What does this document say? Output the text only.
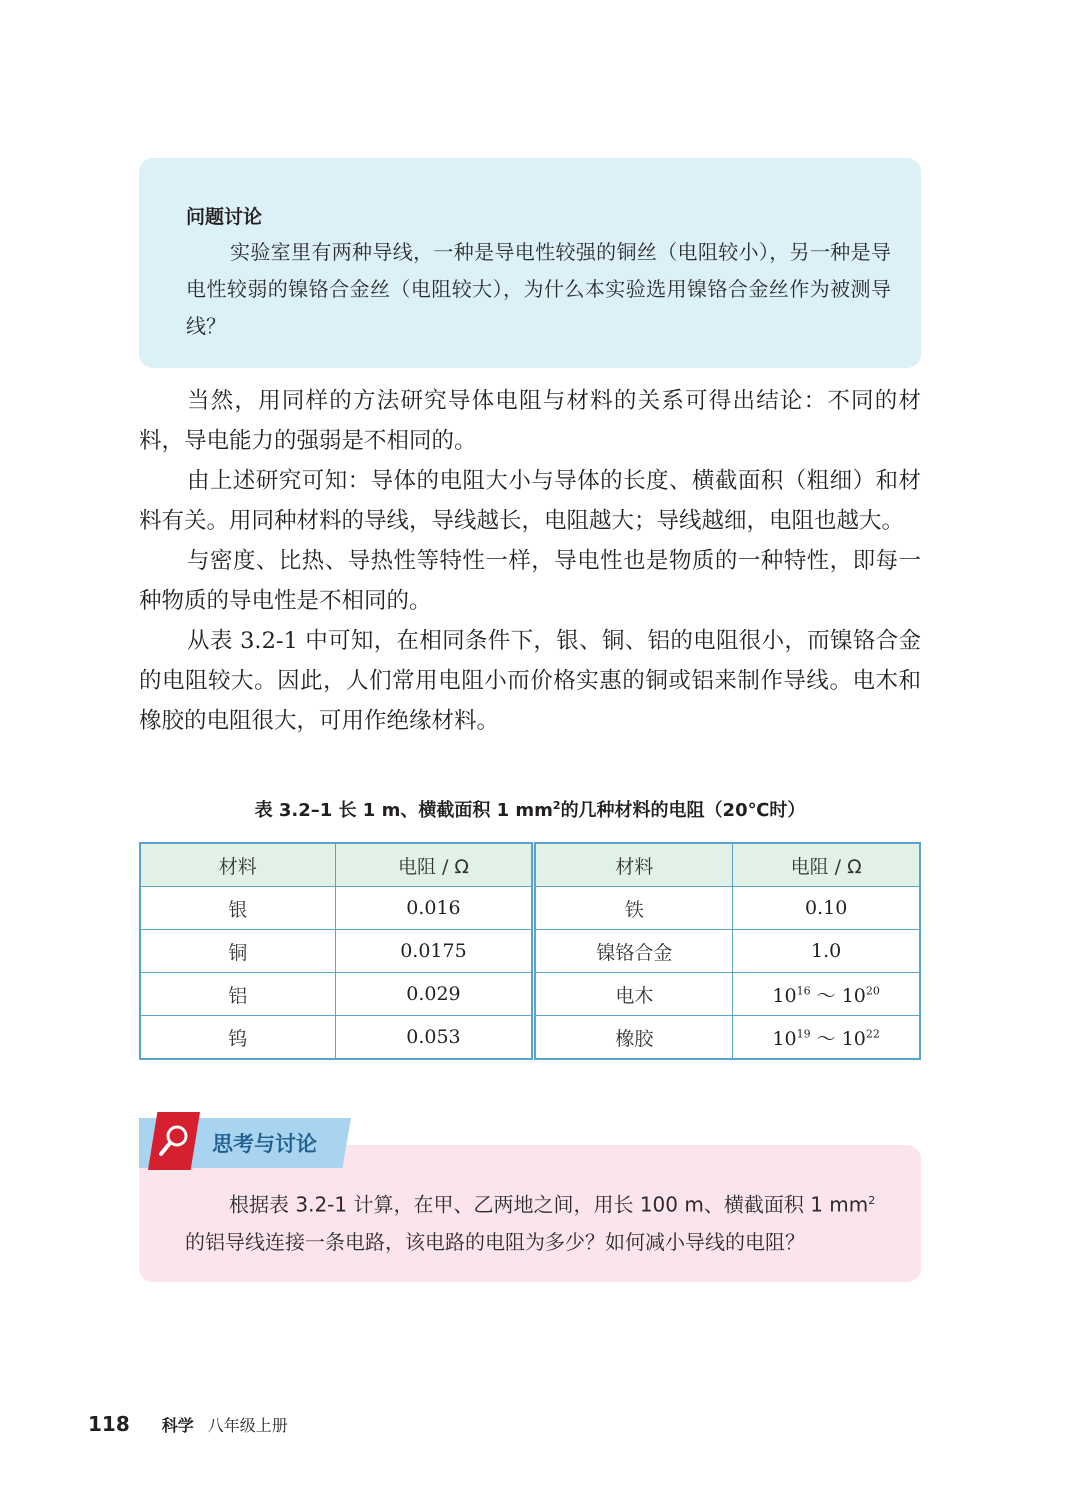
问题讨论
实验室里有两种导线，一种是导电性较强的铜丝（电阻较小），另一种是导电性较弱的镍铬合金丝（电阻较大），为什么本实验选用镍铬合金丝作为被测导线？

当然，用同样的方法研究导体电阻与材料的关系可得出结论：不同的材料，导电能力的强弱是不相同的。

由上述研究可知：导体的电阻大小与导体的长度、横截面积（粗细）和材料有关。用同种材料的导线，导线越长，电阻越大；导线越细，电阻也越大。

与密度、比热、导热性等特性一样，导电性也是物质的一种特性，即每一种物质的导电性是不相同的。

从表 3.2-1 中可知，在相同条件下，银、铜、铝的电阻很小，而镍铬合金的电阻较大。因此，人们常用电阻小而价格实惠的铜或铝来制作导线。电木和橡胶的电阻很大，可用作绝缘材料。

表 3.2–1 长 1 m、横截面积 1 $mm^2$的几种材料的电阻（20℃时）
材料	电阻 / Ω	材料	电阻 / Ω
银	0.016	铁	0.10
铜	0.0175	镍铬合金	1.0
铝	0.029	电木	$10^{16}$ ～ $10^{20}$
钨	0.053	橡胶	$10^{19}$ ～ $10^{22}$
根据表 3.2-1 计算，在甲、乙两地之间，用长 100 m、横截面积 1 $mm^2$的铝导线连接一条电路，该电路的电阻为多少？如何减小导线的电阻？
思考与讨论
118 科学 八年级上册
